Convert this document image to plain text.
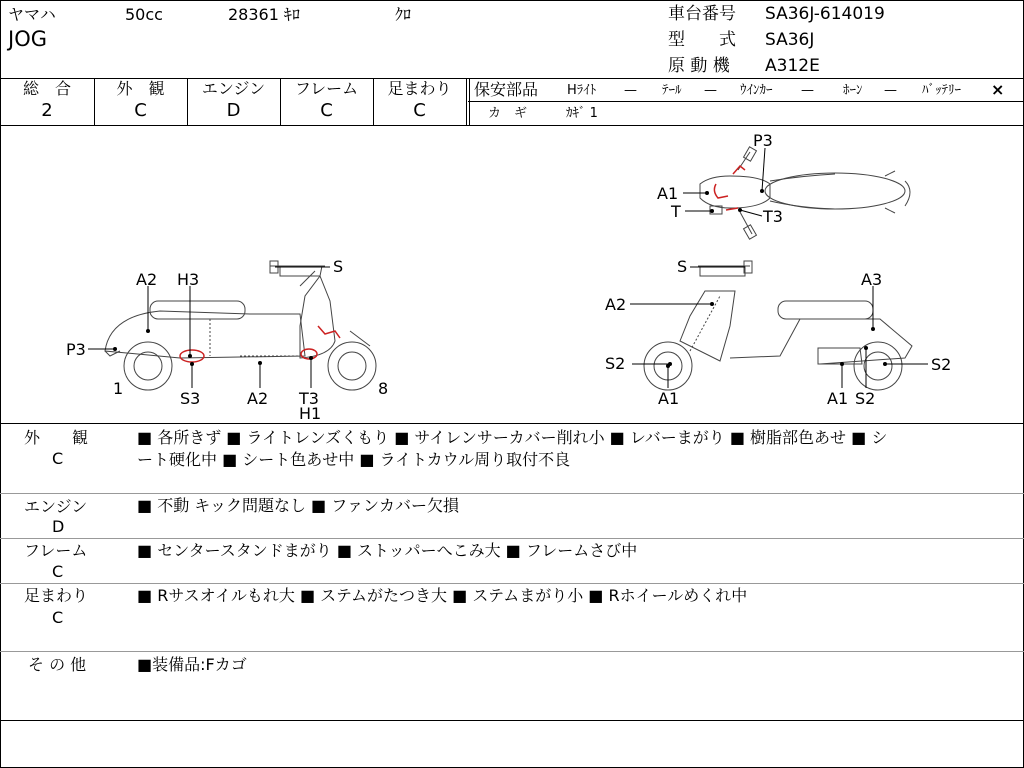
ヤマハ	50cc	28361 ｷﾛ	ｸﾛ
JOG
車台番号 SA36J-614019
型　　式 SA36J
原 動 機 A312E
総　合
2
外　観
C
エンジン
D
フレーム
C
足まわり
C
保安部品 Hﾗｲﾄ — ﾃｰﾙ — ｳｲﾝｶｰ — ﾎｰﾝ — ﾊﾞｯﾃﾘｰ ×
カ　ギ	ｶｷﾞ 1
P3
A1
T	T3
A2 H3
S
P3
1
S3	A2 T3
H1
8
S
A3
A2
S2	S2
A1	A1 S2
外　　観
C
■ 各所きず ■ ライトレンズくもり ■ サイレンサーカバー削れ小 ■ レバーまがり ■ 樹脂部色あせ ■ シ
ート硬化中 ■ シート色あせ中 ■ ライトカウル周り取付不良
エンジン
D
■ 不動 キック問題なし ■ ファンカバー欠損
フレーム
C
■ センタースタンドまがり ■ ストッパーへこみ大 ■ フレームさび中
足まわり
C
■ Rサスオイルもれ大 ■ ステムがたつき大 ■ ステムまがり小 ■ Rホイールめくれ中
そ の 他	■装備品:Fカゴ
